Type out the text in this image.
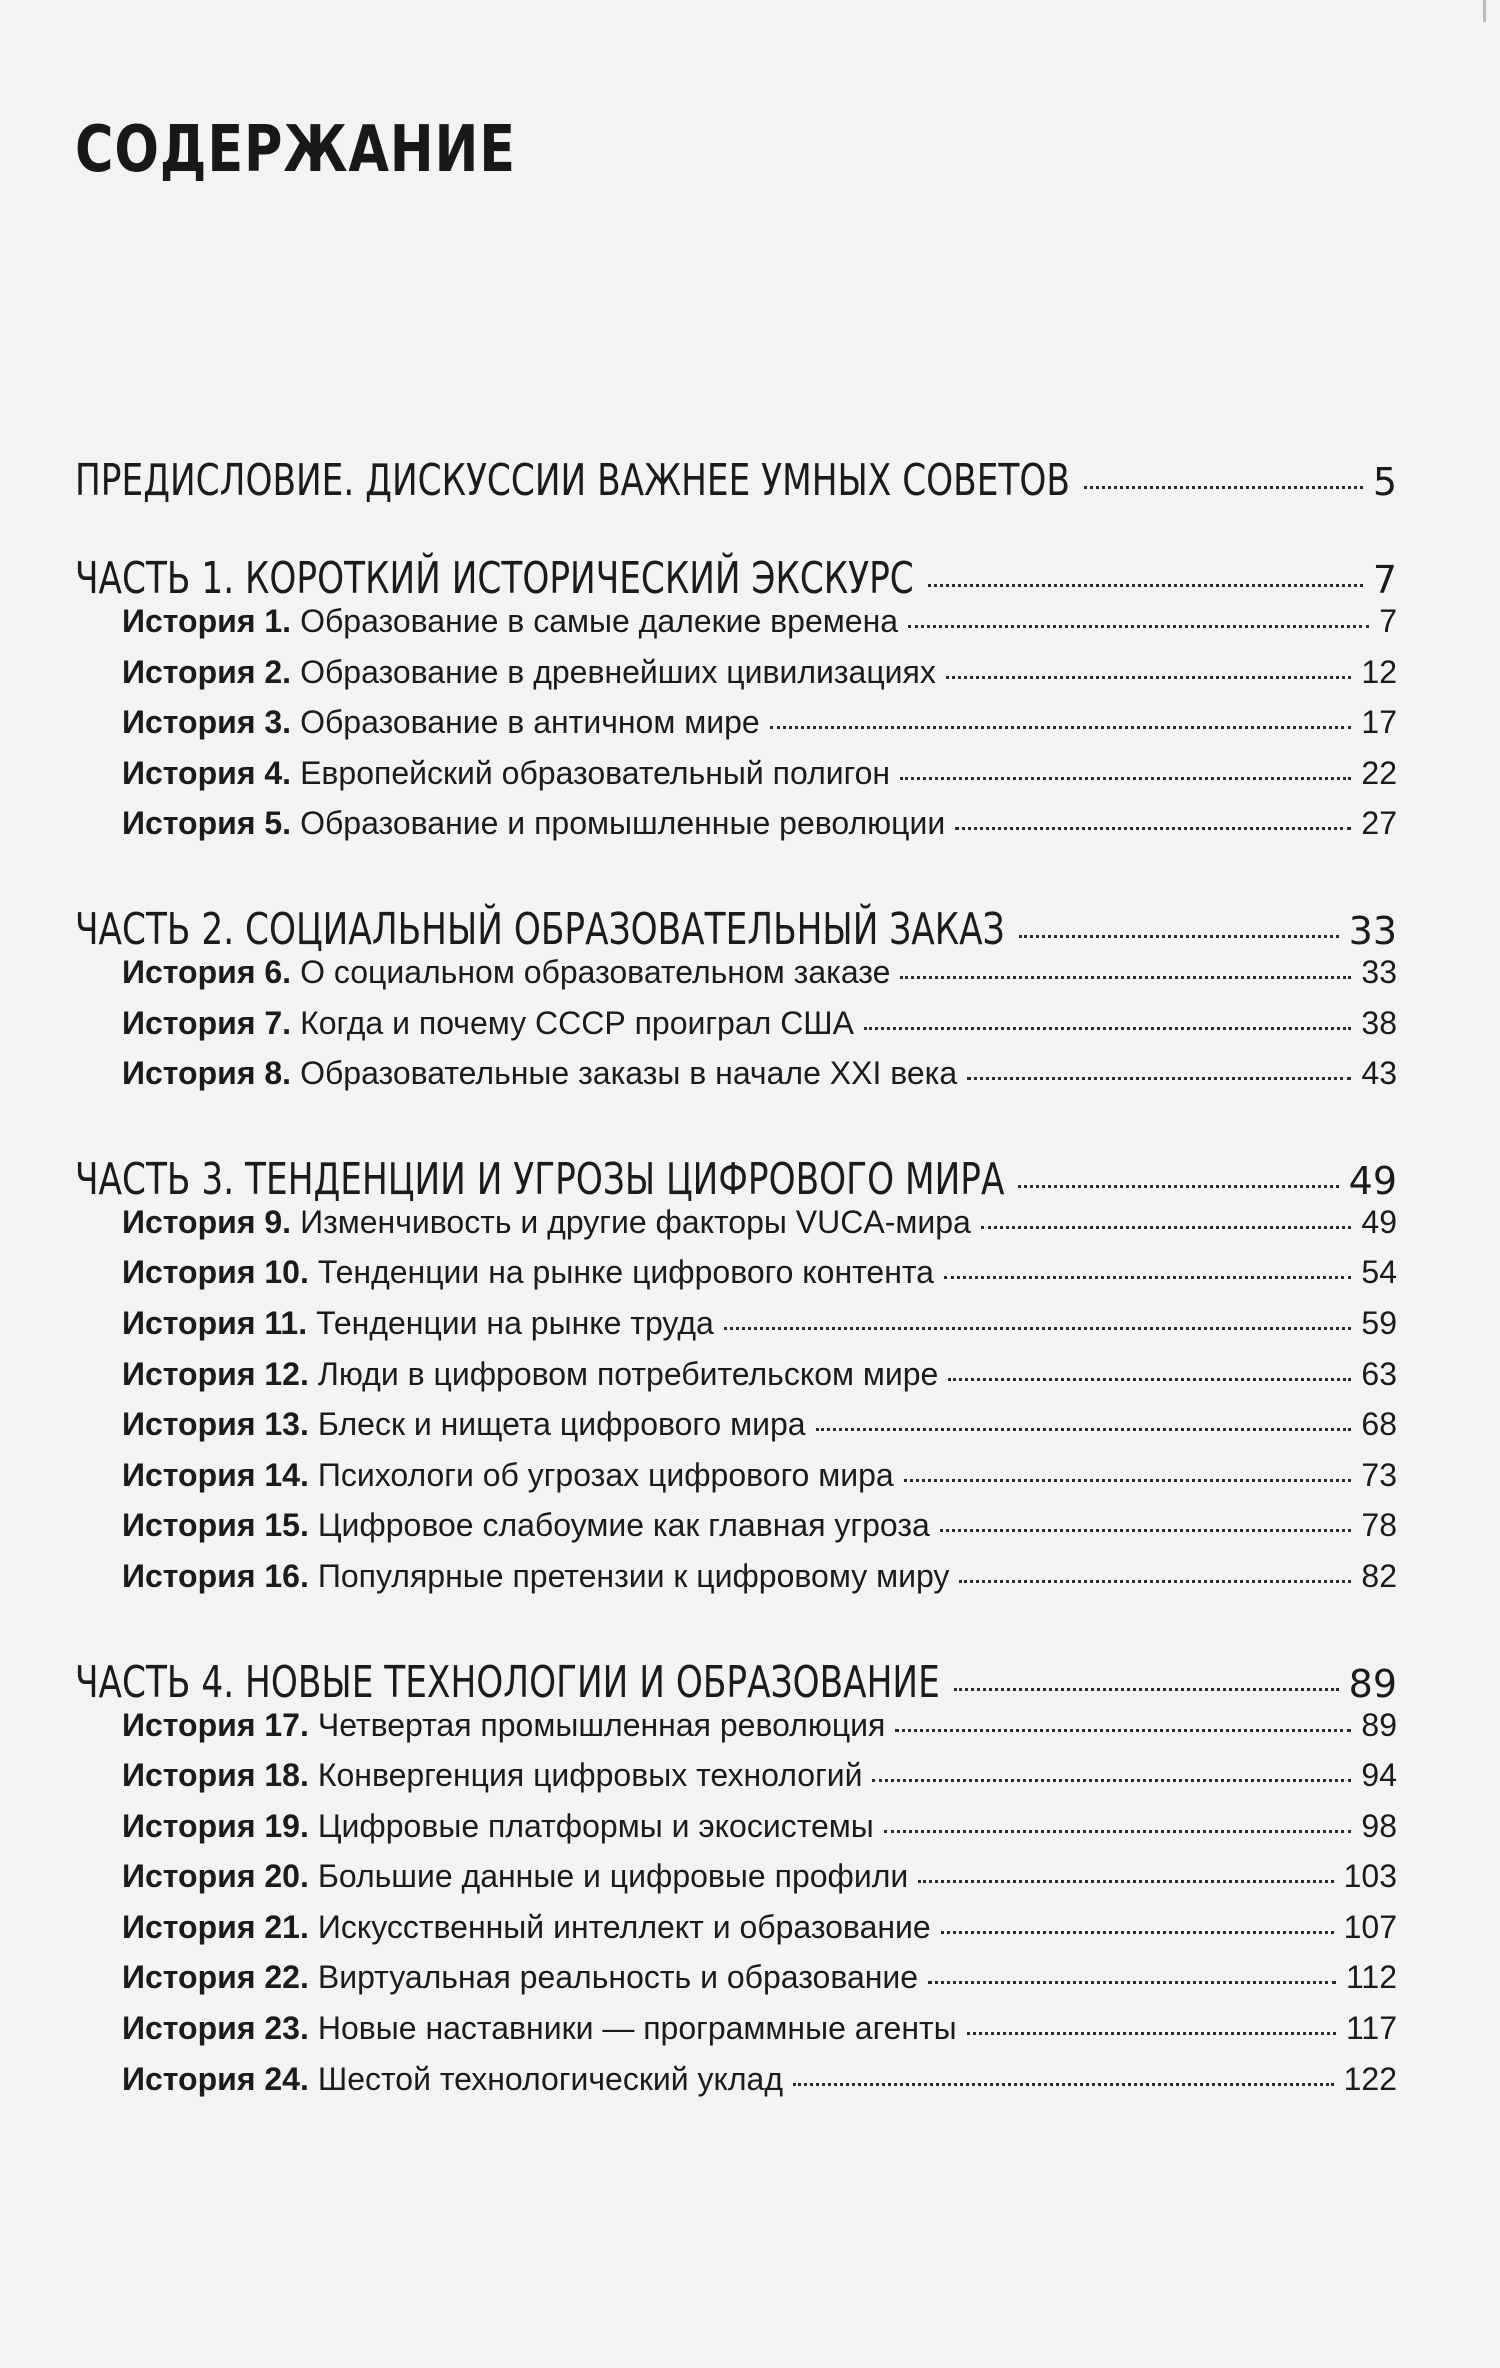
СОДЕРЖАНИЕ
ПРЕДИСЛОВИЕ. ДИСКУССИИ ВАЖНЕЕ УМНЫХ СОВЕТОВ	5
ЧАСТЬ 1. КОРОТКИЙ ИСТОРИЧЕСКИЙ ЭКСКУРС	7
История 1. Образование в самые далекие времена	7
История 2. Образование в древнейших цивилизациях	12
История 3. Образование в античном мире	17
История 4. Европейский образовательный полигон	22
История 5. Образование и промышленные революции	27
ЧАСТЬ 2. СОЦИАЛЬНЫЙ ОБРАЗОВАТЕЛЬНЫЙ ЗАКАЗ	33
История 6. О социальном образовательном заказе	33
История 7. Когда и почему СССР проиграл США	38
История 8. Образовательные заказы в начале XXI века	43
ЧАСТЬ 3. ТЕНДЕНЦИИ И УГРОЗЫ ЦИФРОВОГО МИРА	49
История 9. Изменчивость и другие факторы VUCA-мира	49
История 10. Тенденции на рынке цифрового контента	54
История 11. Тенденции на рынке труда	59
История 12. Люди в цифровом потребительском мире	63
История 13. Блеск и нищета цифрового мира	68
История 14. Психологи об угрозах цифрового мира	73
История 15. Цифровое слабоумие как главная угроза	78
История 16. Популярные претензии к цифровому миру	82
ЧАСТЬ 4. НОВЫЕ ТЕХНОЛОГИИ И ОБРАЗОВАНИЕ	89
История 17. Четвертая промышленная революция	89
История 18. Конвергенция цифровых технологий	94
История 19. Цифровые платформы и экосистемы	98
История 20. Большие данные и цифровые профили	103
История 21. Искусственный интеллект и образование	107
История 22. Виртуальная реальность и образование	112
История 23. Новые наставники — программные агенты	117
История 24. Шестой технологический уклад	122
